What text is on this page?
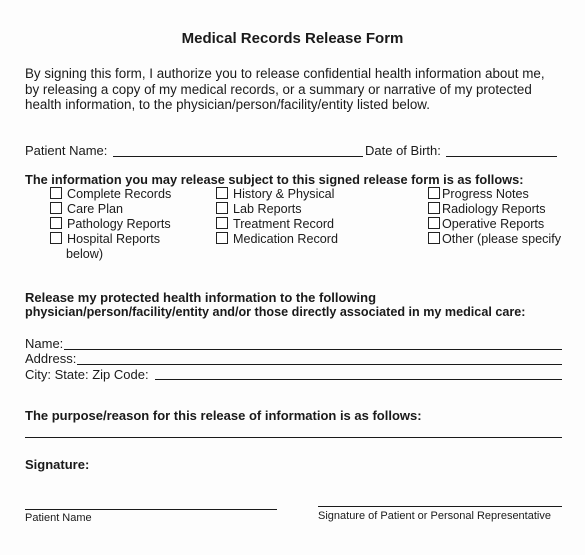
Medical Records Release Form
By signing this form, I authorize you to release confidential health information about me,
by releasing a copy of my medical records, or a summary or narrative of my protected
health information, to the physician/person/facility/entity listed below.
Patient Name:	Date of Birth:
The information you may release subject to this signed release form is as follows:
Complete Records
Care Plan
Pathology Reports
Hospital Reports
below)
History & Physical
Lab Reports
Treatment Record
Medication Record
Progress Notes
Radiology Reports
Operative Reports
Other (please specify
Release my protected health information to the following
physician/person/facility/entity and/or those directly associated in my medical care:
Name:
Address:
City: State: Zip Code:
The purpose/reason for this release of information is as follows:
Signature:
Patient Name	Signature of Patient or Personal Representative
